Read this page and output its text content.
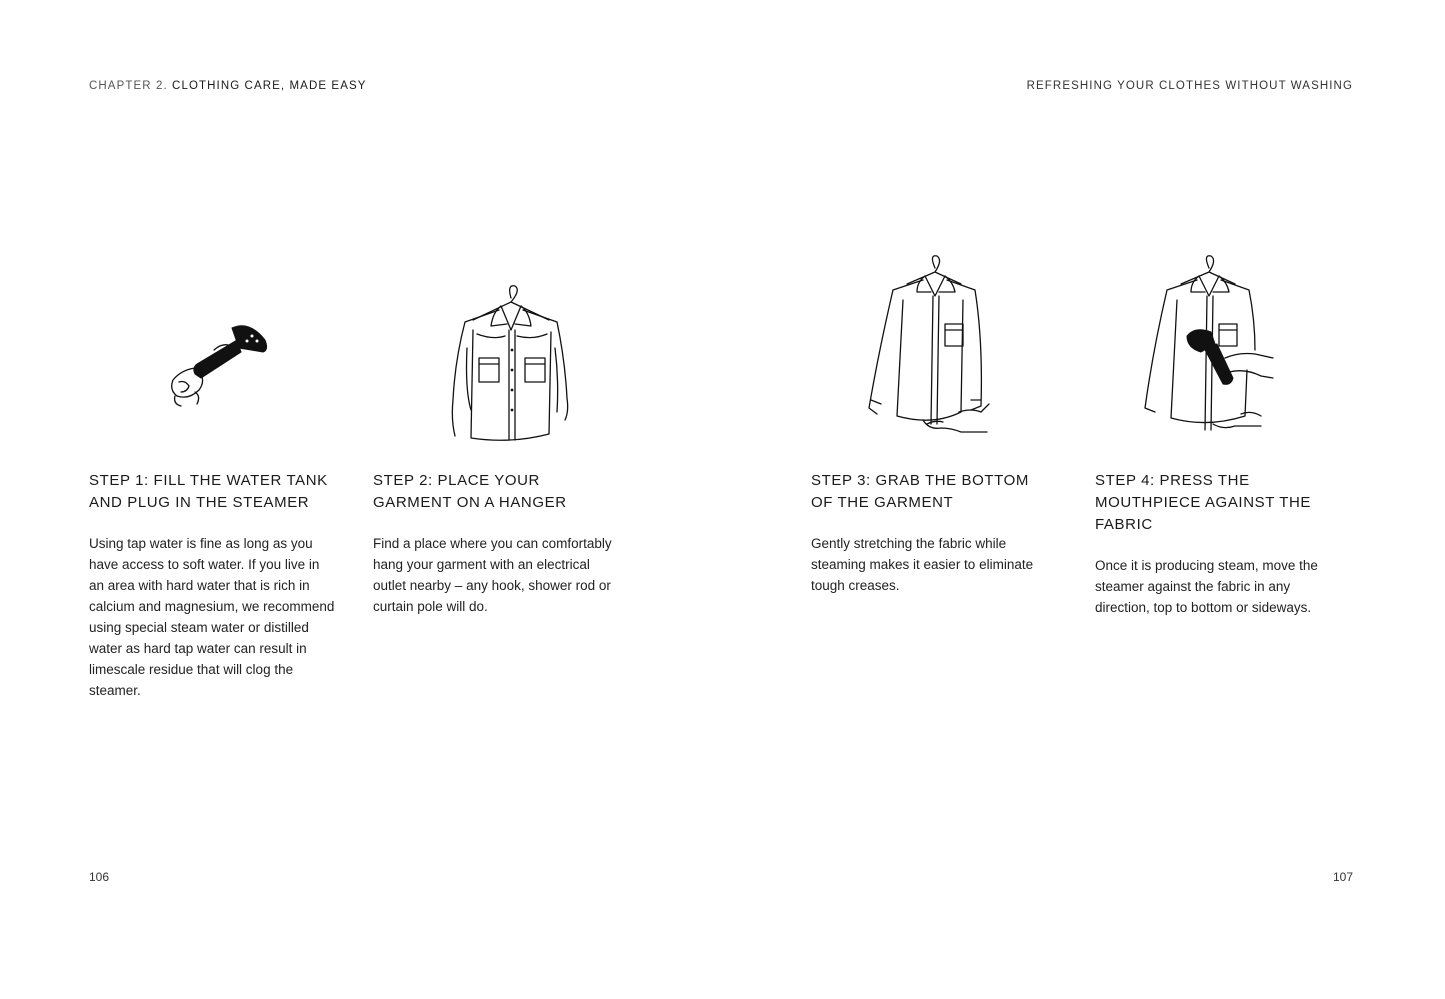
CHAPTER 2. CLOTHING CARE, MADE EASY	REFRESHING YOUR CLOTHES WITHOUT WASHING
STEP 1: FILL THE WATER TANK AND PLUG IN THE STEAMER

Using tap water is fine as long as you have access to soft water. If you live in an area with hard water that is rich in calcium and magnesium, we recommend using special steam water or distilled water as hard tap water can result in limescale residue that will clog the steamer.

STEP 2: PLACE YOUR GARMENT ON A HANGER

Find a place where you can comfortably hang your garment with an electrical outlet nearby – any hook, shower rod or curtain pole will do.

STEP 3: GRAB THE BOTTOM OF THE GARMENT

Gently stretching the fabric while steaming makes it easier to eliminate tough creases.

STEP 4: PRESS THE MOUTHPIECE AGAINST THE FABRIC

Once it is producing steam, move the steamer against the fabric in any direction, top to bottom or sideways.

106	107
